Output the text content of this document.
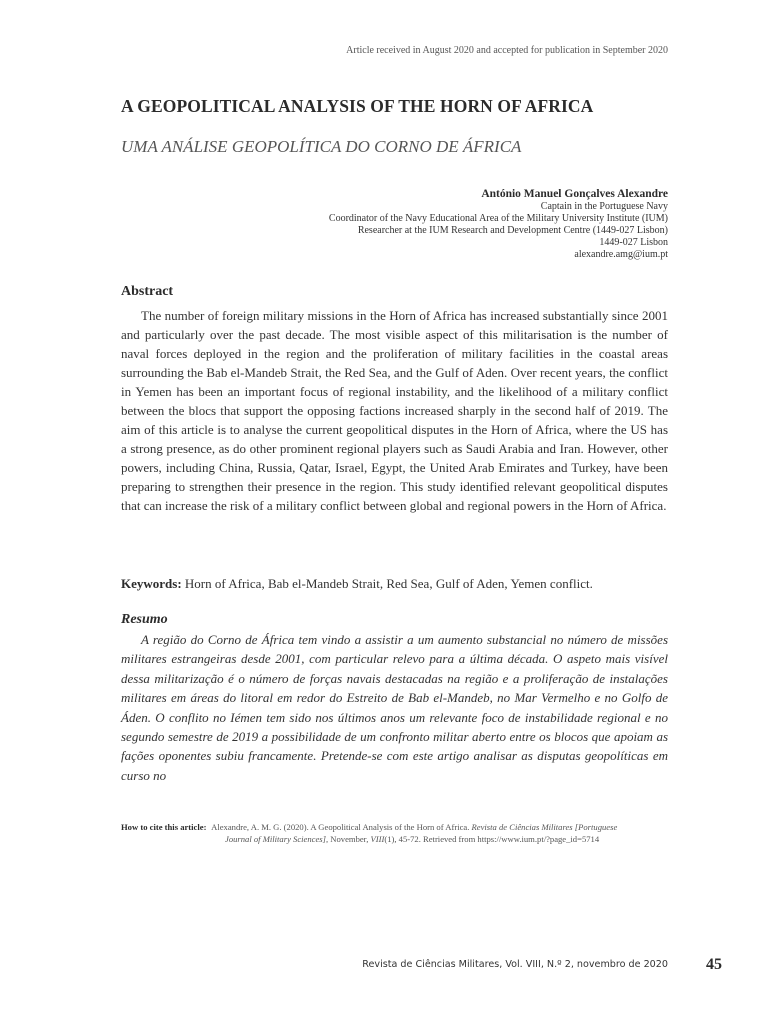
Article received in August 2020 and accepted for publication in September 2020
A GEOPOLITICAL ANALYSIS OF THE HORN OF AFRICA
UMA ANÁLISE GEOPOLÍTICA DO CORNO DE ÁFRICA
António Manuel Gonçalves Alexandre
Captain in the Portuguese Navy
Coordinator of the Navy Educational Area of the Military University Institute (IUM)
Researcher at the IUM Research and Development Centre (1449-027 Lisbon)
1449-027 Lisbon
alexandre.amg@ium.pt
Abstract

The number of foreign military missions in the Horn of Africa has increased substantially since 2001 and particularly over the past decade. The most visible aspect of this militarisation is the number of naval forces deployed in the region and the proliferation of military facilities in the coastal areas surrounding the Bab el-Mandeb Strait, the Red Sea, and the Gulf of Aden. Over recent years, the conflict in Yemen has been an important focus of regional instability, and the likelihood of a military conflict between the blocs that support the opposing factions increased sharply in the second half of 2019. The aim of this article is to analyse the current geopolitical disputes in the Horn of Africa, where the US has a strong presence, as do other prominent regional players such as Saudi Arabia and Iran. However, other powers, including China, Russia, Qatar, Israel, Egypt, the United Arab Emirates and Turkey, have been preparing to strengthen their presence in the region. This study identified relevant geopolitical disputes that can increase the risk of a military conflict between global and regional powers in the Horn of Africa.

Keywords: Horn of Africa, Bab el-Mandeb Strait, Red Sea, Gulf of Aden, Yemen conflict.
Resumo

A região do Corno de África tem vindo a assistir a um aumento substancial no número de missões militares estrangeiras desde 2001, com particular relevo para a última década. O aspeto mais visível dessa militarização é o número de forças navais destacadas na região e a proliferação de instalações militares em áreas do litoral em redor do Estreito de Bab el-Mandeb, no Mar Vermelho e no Golfo de Áden. O conflito no Iémen tem sido nos últimos anos um relevante foco de instabilidade regional e no segundo semestre de 2019 a possibilidade de um confronto militar aberto entre os blocos que apoiam as fações oponentes subiu francamente. Pretende-se com este artigo analisar as disputas geopolíticas em curso no

How to cite this article: Alexandre, A. M. G. (2020). A Geopolitical Analysis of the Horn of Africa. Revista de Ciências Militares [Portuguese
Journal of Military Sciences], November, VIII(1), 45-72. Retrieved from https://www.ium.pt/?page_id=5714
Revista de Ciências Militares, Vol. VIII, N.º 2, novembro de 2020 45
